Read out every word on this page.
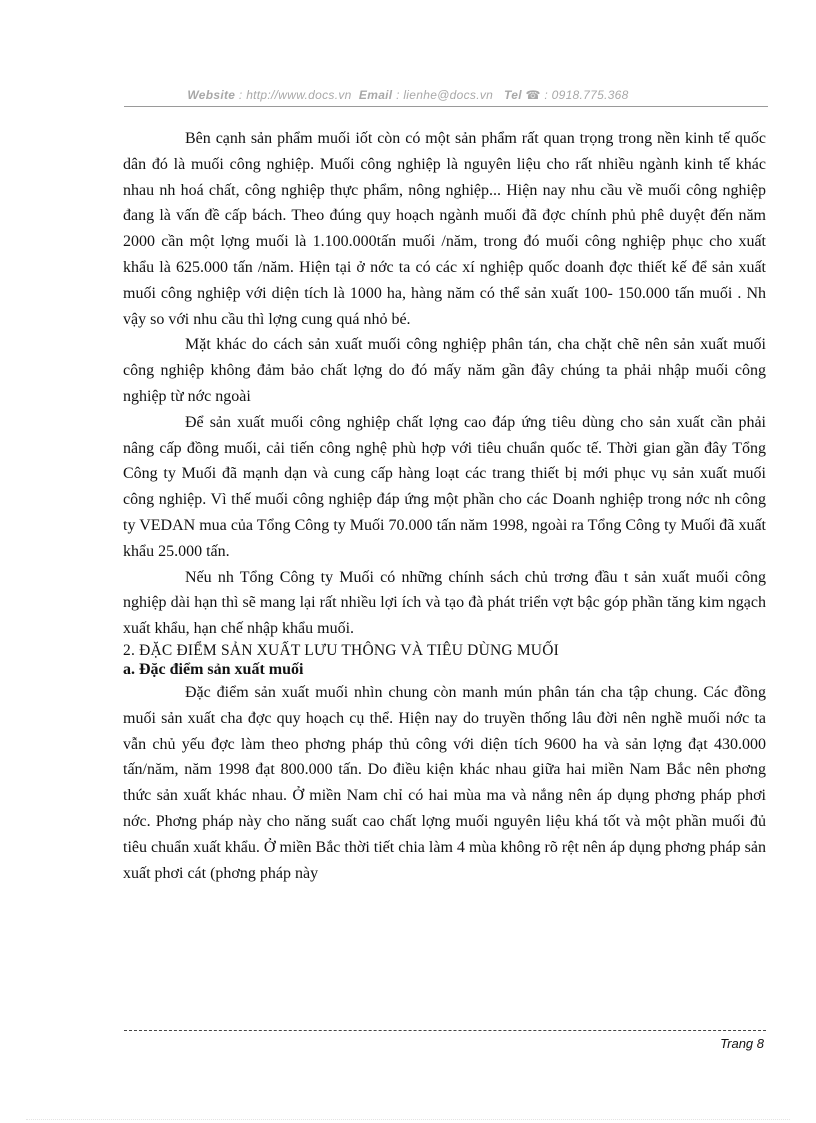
Website : http://www.docs.vn Email : lienhe@docs.vn Tel ☎ : 0918.775.368

Bên cạnh sản phẩm muối iốt còn có một sản phẩm rất quan trọng trong nền kinh tế quốc dân đó là muối công nghiệp. Muối công nghiệp là nguyên liệu cho rất nhiều ngành kinh tế khác nhau nh hoá chất, công nghiệp thực phẩm, nông nghiệp... Hiện nay nhu cầu về muối công nghiệp đang là vấn đề cấp bách. Theo đúng quy hoạch ngành muối đã đợc chính phủ phê duyệt đến năm 2000 cần một lợng muối là 1.100.000tấn muối /năm, trong đó muối công nghiệp phục cho xuất khẩu là 625.000 tấn /năm. Hiện tại ở nớc ta có các xí nghiệp quốc doanh đợc thiết kế để sản xuất muối công nghiệp với diện tích là 1000 ha, hàng năm có thể sản xuất 100- 150.000 tấn muối . Nh vậy so với nhu cầu thì lợng cung quá nhỏ bé.

Mặt khác do cách sản xuất muối công nghiệp phân tán, cha chặt chẽ nên sản xuất muối công nghiệp không đảm bảo chất lợng do đó mấy năm gần đây chúng ta phải nhập muối công nghiệp từ nớc ngoài

Để sản xuất muối công nghiệp chất lợng cao đáp ứng tiêu dùng cho sản xuất cần phải nâng cấp đồng muối, cải tiến công nghệ phù hợp với tiêu chuẩn quốc tế. Thời gian gần đây Tổng Công ty Muối đã mạnh dạn và cung cấp hàng loạt các trang thiết bị mới phục vụ sản xuất muối công nghiệp. Vì thế muối công nghiệp đáp ứng một phần cho các Doanh nghiệp trong nớc nh công ty VEDAN mua của Tổng Công ty Muối 70.000 tấn năm 1998, ngoài ra Tổng Công ty Muối đã xuất khẩu 25.000 tấn.

Nếu nh Tổng Công ty Muối có những chính sách chủ trơng đầu t sản xuất muối công nghiệp dài hạn thì sẽ mang lại rất nhiều lợi ích và tạo đà phát triển vợt bậc góp phần tăng kim ngạch xuất khẩu, hạn chế nhập khẩu muối.

2. ĐẶC ĐIỂM SẢN XUẤT LƯU THÔNG VÀ TIÊU DÙNG MUỐI

a. Đặc điểm sản xuất muối

Đặc điểm sản xuất muối nhìn chung còn manh mún phân tán cha tập chung. Các đồng muối sản xuất cha đợc quy hoạch cụ thể. Hiện nay do truyền thống lâu đời nên nghề muối nớc ta vẫn chủ yếu đợc làm theo phơng pháp thủ công với diện tích 9600 ha và sản lợng đạt 430.000 tấn/năm, năm 1998 đạt 800.000 tấn. Do điều kiện khác nhau giữa hai miền Nam Bắc nên phơng thức sản xuất khác nhau. Ở miền Nam chỉ có hai mùa ma và nắng nên áp dụng phơng pháp phơi nớc. Phơng pháp này cho năng suất cao chất lợng muối nguyên liệu khá tốt và một phần muối đủ tiêu chuẩn xuất khẩu. Ở miền Bắc thời tiết chia làm 4 mùa không rõ rệt nên áp dụng phơng pháp sản xuất phơi cát (phơng pháp này

Trang 8
